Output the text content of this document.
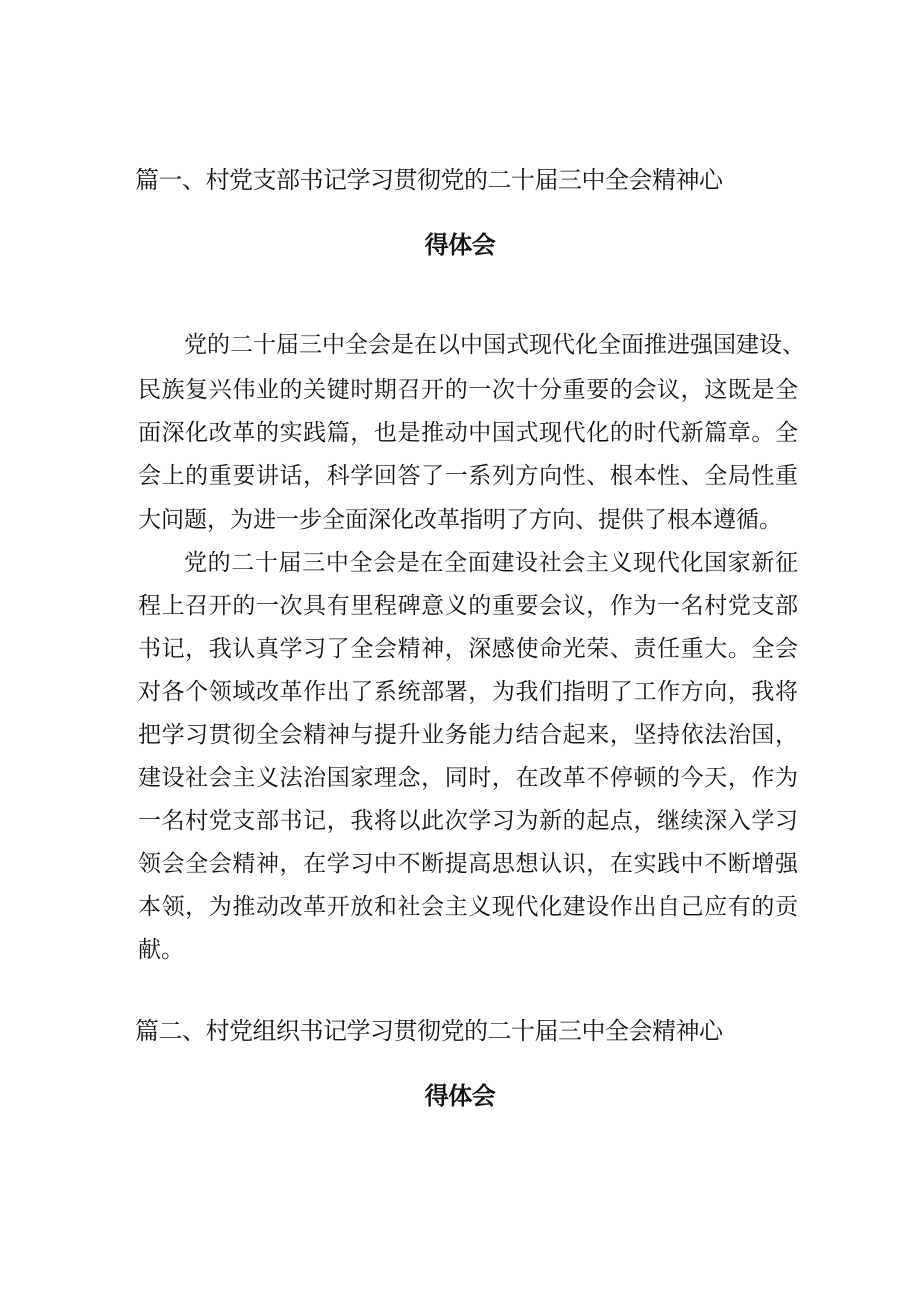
篇一、村党支部书记学习贯彻党的二十届三中全会精神心
得体会

党的二十届三中全会是在以中国式现代化全面推进强国建设、

民族复兴伟业的关键时期召开的一次十分重要的会议，这既是全

面深化改革的实践篇，也是推动中国式现代化的时代新篇章。全

会上的重要讲话，科学回答了一系列方向性、根本性、全局性重

大问题，为进一步全面深化改革指明了方向、提供了根本遵循。

党的二十届三中全会是在全面建设社会主义现代化国家新征

程上召开的一次具有里程碑意义的重要会议，作为一名村党支部

书记，我认真学习了全会精神，深感使命光荣、责任重大。全会

对各个领域改革作出了系统部署，为我们指明了工作方向，我将

把学习贯彻全会精神与提升业务能力结合起来，坚持依法治国，

建设社会主义法治国家理念，同时，在改革不停顿的今天，作为

一名村党支部书记，我将以此次学习为新的起点，继续深入学习

领会全会精神，在学习中不断提高思想认识，在实践中不断增强

本领，为推动改革开放和社会主义现代化建设作出自己应有的贡

献。

篇二、村党组织书记学习贯彻党的二十届三中全会精神心
得体会
